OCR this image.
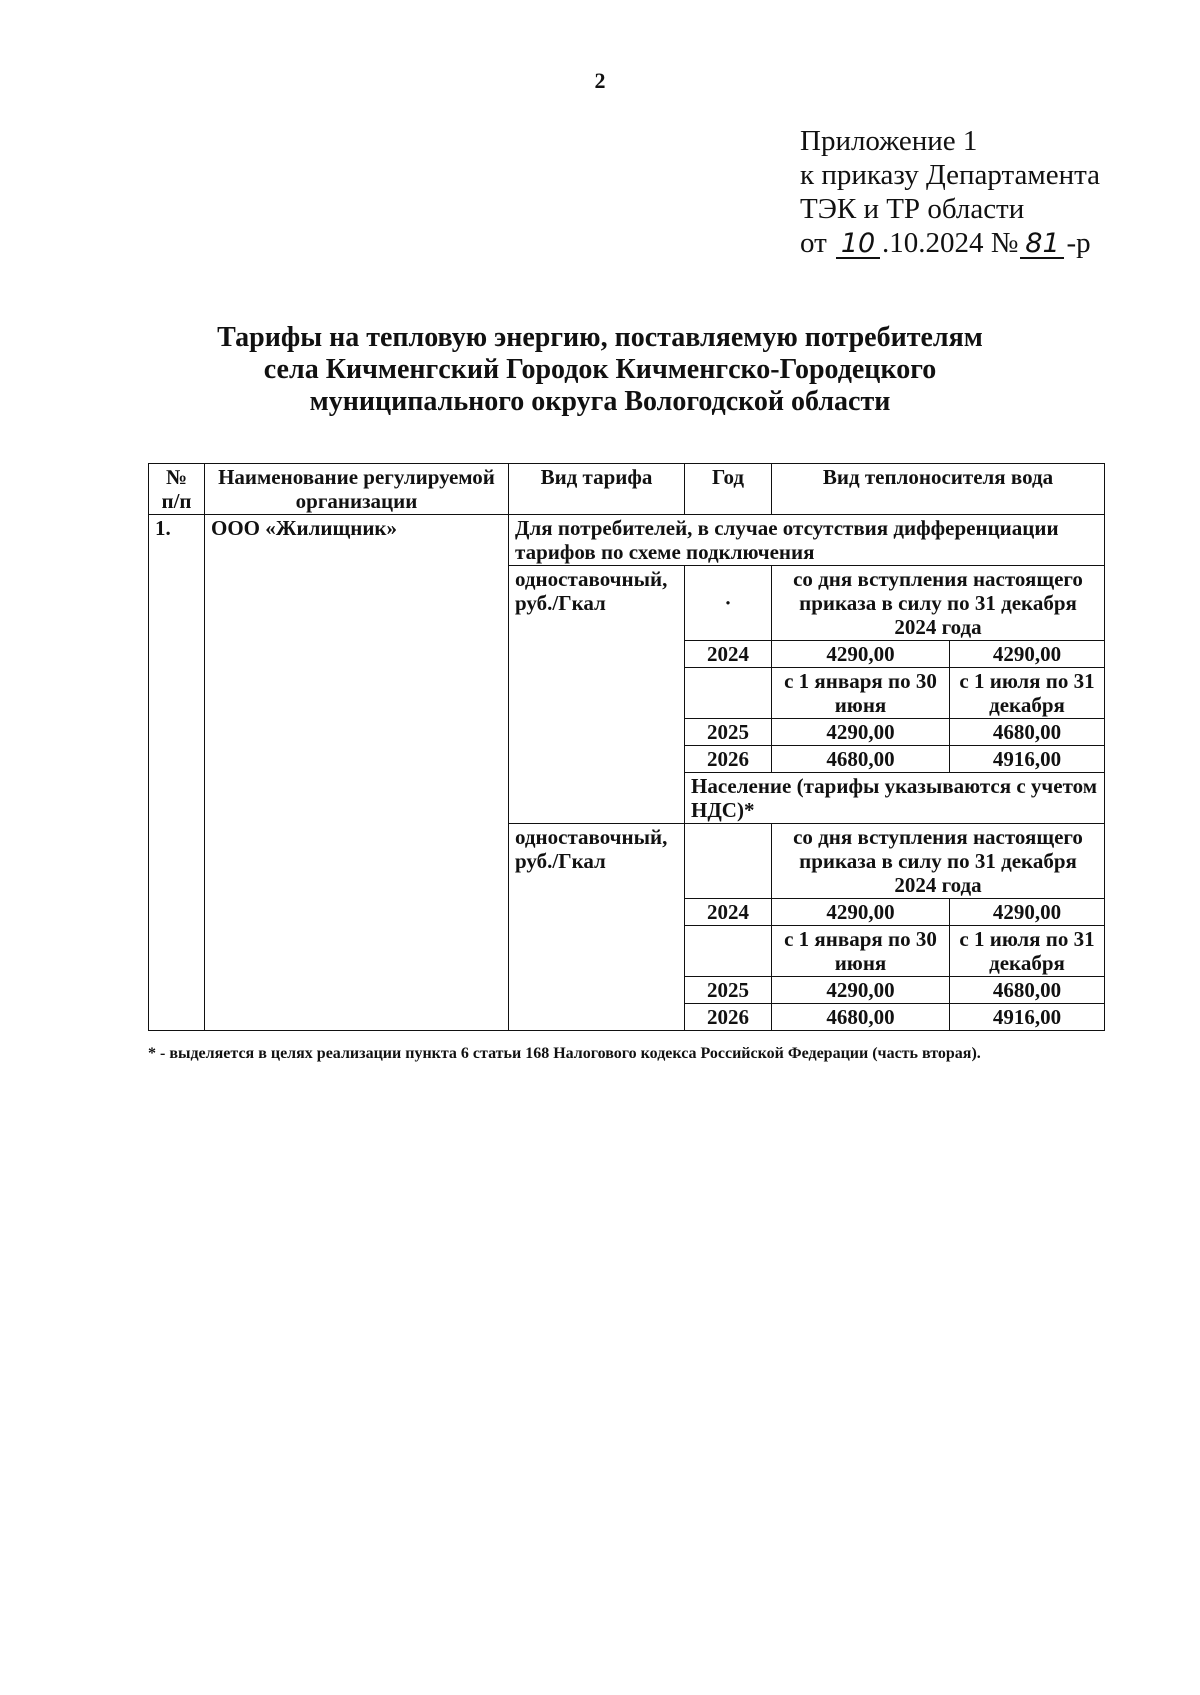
2
Приложение 1
к приказу Департамента
ТЭК и ТР области
от 10 .10.2024 № 81 -р
Тарифы на тепловую энергию, поставляемую потребителям
села Кичменгский Городок Кичменгско-Городецкого
муниципального округа Вологодской области
№ п/п	Наименование регулируемой организации	Вид тарифа	Год	Вид теплоносителя вода	
1.	ООО «Жилищник»	Для потребителей, в случае отсутствия дифференциации тарифов по схеме подключения			
		одноставочный, руб./Гкал	·	со дня вступления настоящего приказа в силу по 31 декабря 2024 года	
			2024	4290,00	4290,00
				с 1 января по 30 июня	с 1 июля по 31 декабря
			2025	4290,00	4680,00
			2026	4680,00	4916,00
			Население (тарифы указываются с учетом НДС)*		
		одноставочный, руб./Гкал		со дня вступления настоящего приказа в силу по 31 декабря 2024 года	
			2024	4290,00	4290,00
				с 1 января по 30 июня	с 1 июля по 31 декабря
			2025	4290,00	4680,00
			2026	4680,00	4916,00
* - выделяется в целях реализации пункта 6 статьи 168 Налогового кодекса Российской Федерации (часть вторая).
